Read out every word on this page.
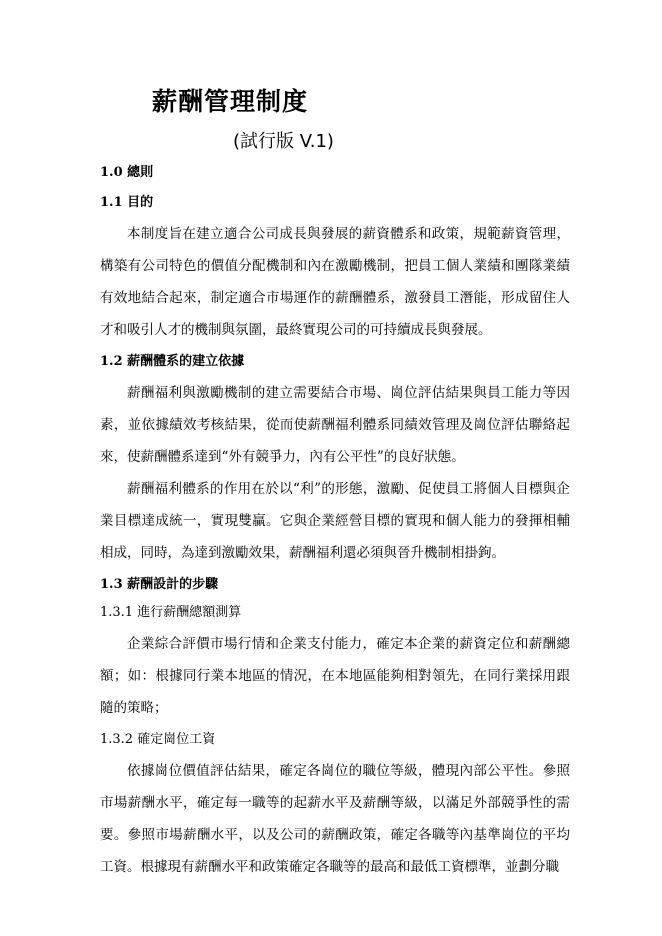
薪酬管理制度
(試行版 V.1)

1.0 總則

1.1 目的

本制度旨在建立適合公司成長與發展的薪資體系和政策，規範薪資管理，構築有公司特色的價值分配機制和內在激勵機制，把員工個人業績和團隊業績有效地結合起來，制定適合市場運作的薪酬體系，激發員工潛能，形成留住人才和吸引人才的機制與氛圍，最終實現公司的可持續成長與發展。

1.2 薪酬體系的建立依據

薪酬福利與激勵機制的建立需要結合市場、崗位評估結果與員工能力等因素，並依據績效考核結果，從而使薪酬福利體系同績效管理及崗位評估聯絡起來，使薪酬體系達到“外有競爭力，內有公平性”的良好狀態。

薪酬福利體系的作用在於以“利”的形態，激勵、促使員工將個人目標與企業目標達成統一，實現雙贏。它與企業經營目標的實現和個人能力的發揮相輔相成，同時，為達到激勵效果，薪酬福利還必須與晉升機制相掛鉤。

1.3 薪酬設計的步驟

1.3.1 進行薪酬總額測算

企業綜合評價市場行情和企業支付能力，確定本企業的薪資定位和薪酬總額；如：根據同行業本地區的情況，在本地區能夠相對領先，在同行業採用跟隨的策略；

1.3.2 確定崗位工資

依據崗位價值評估結果，確定各崗位的職位等級，體現內部公平性。參照市場薪酬水平，確定每一職等的起薪水平及薪酬等級，以滿足外部競爭性的需要。參照市場薪酬水平，以及公司的薪酬政策，確定各職等內基準崗位的平均工資。根據現有薪酬水平和政策確定各職等的最高和最低工資標準，並劃分職
